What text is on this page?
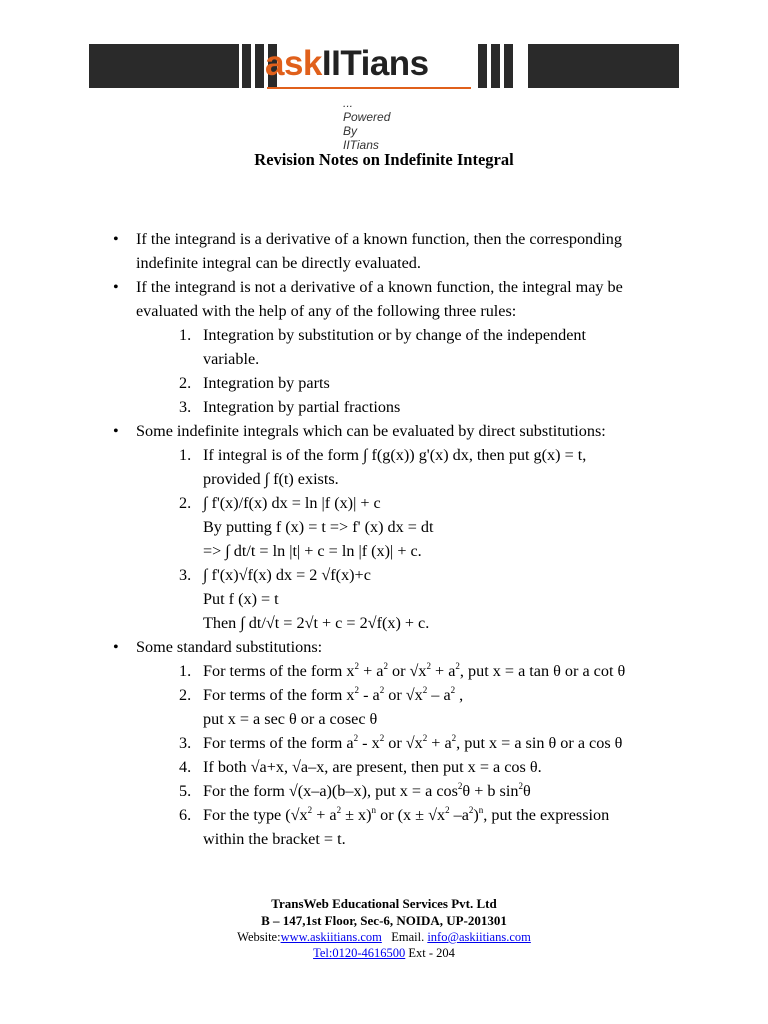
askIITians
... Powered By IITians
Revision Notes on Indefinite Integral
• If the integrand is a derivative of a known function, then the corresponding
indefinite integral can be directly evaluated.
• If the integrand is not a derivative of a known function, the integral may be
evaluated with the help of any of the following three rules:
1. Integration by substitution or by change of the independent
variable.
2. Integration by parts
3. Integration by partial fractions
• Some indefinite integrals which can be evaluated by direct substitutions:
1. If integral is of the form ∫ f(g(x)) g'(x) dx, then put g(x) = t,
provided ∫ f(t) exists.
2. ∫ f'(x)/f(x) dx = ln |f (x)| + c
By putting f (x) = t => f' (x) dx = dt
=> ∫ dt/t = ln |t| + c = ln |f (x)| + c.
3. ∫ f'(x)√f(x) dx = 2 √f(x)+c
Put f (x) = t
Then ∫ dt/√t = 2√t + c = 2√f(x) + c.
• Some standard substitutions:
1. For terms of the form $x^2 + a^2$ or $√x^2 + a^2$, put x = a tan θ or a cot θ
2. For terms of the form $x^2 - a^2$ or $√x^2 - a^2$ ,
put x = a sec θ or a cosec θ
3. For terms of the form $a^2 - x^2$ or $√x^2 + a^2$, put x = a sin θ or a cos θ
4. If both √a+x, √a–x, are present, then put x = a cos θ.
5. For the form √(x–a)(b–x), put x = a $\cos^2\theta + b$ $\sin^2\theta$
6. For the type $(√x^2 + a^2 \pm x)^n$ or ($x \pm √x^2$ $-a^2)^n$, put the expression
within the bracket = t.
TransWeb Educational Services Pvt. Ltd
B – 147,1st Floor, Sec-6, NOIDA, UP-201301
Website:www.askiitians.com   Email. info@askiitians.com
Tel:0120-4616500 Ext - 204
